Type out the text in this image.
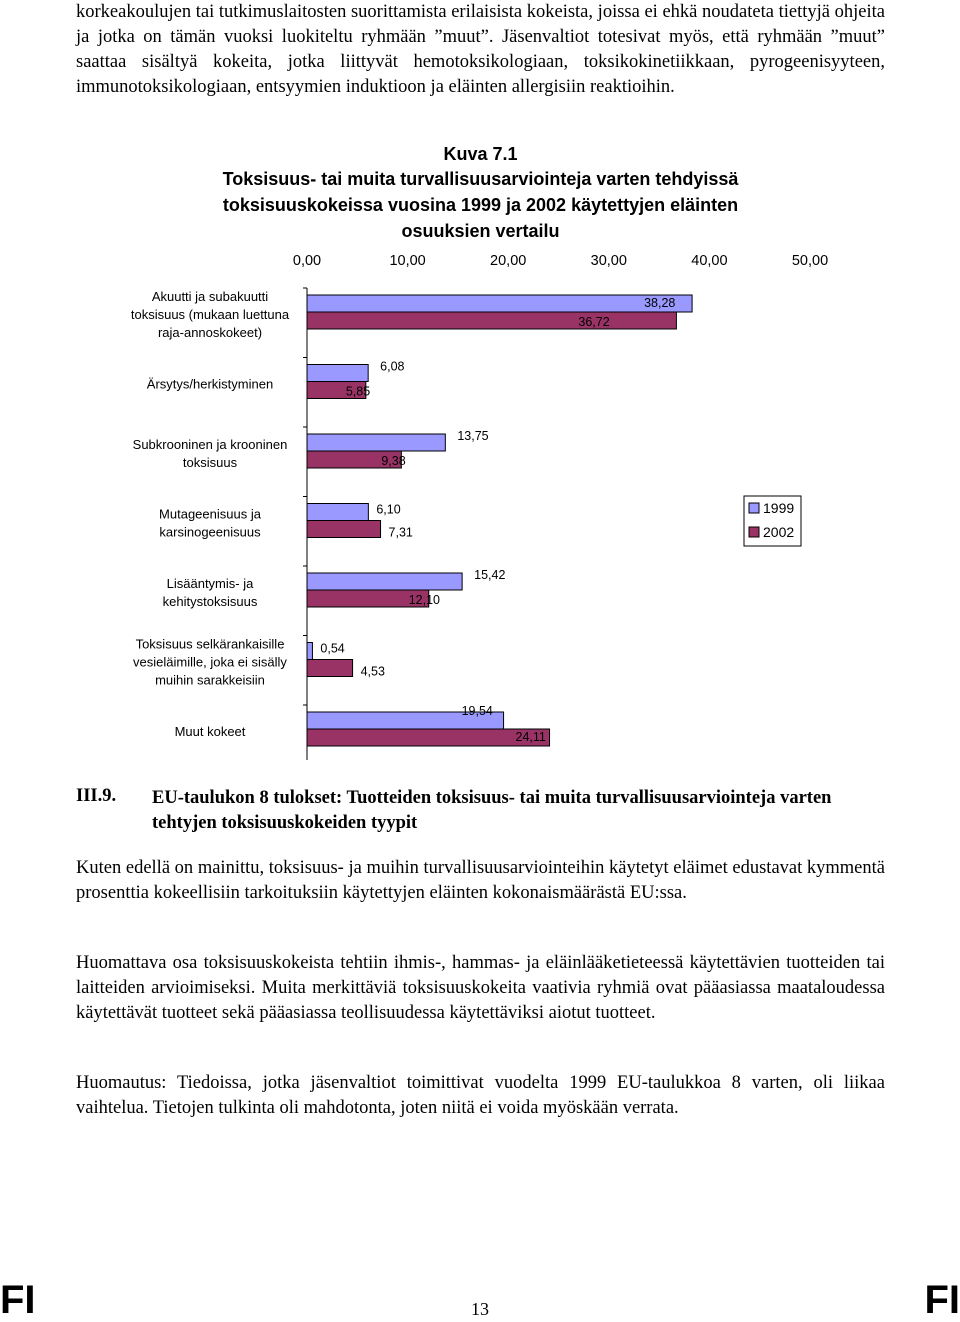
korkeakoulujen tai tutkimuslaitosten suorittamista erilaisista kokeista, joissa ei ehkä noudateta tiettyjä ohjeita ja jotka on tämän vuoksi luokiteltu ryhmään ”muut”. Jäsenvaltiot totesivat myös, että ryhmään ”muut” saattaa sisältyä kokeita, jotka liittyvät hemotoksikologiaan, toksikokinetiikkaan, pyrogeenisyyteen, immunotoksikologiaan, entsyymien induktioon ja eläinten allergisiin reaktioihin.
Kuva 7.1
Toksisuus- tai muita turvallisuusarviointeja varten tehdyissä
toksisuuskokeissa vuosina 1999 ja 2002 käytettyjen eläinten
osuuksien vertailu
0,00	10,00	20,00	30,00	40,00	50,00
Akuutti ja subakuutti
toksisuus (mukaan luettuna
raja-annoskokeet)
38,28
36,72
Ärsytys/herkistyminen
6,08
5,85
Subkrooninen ja krooninen
toksisuus
13,75
9,38
Mutageenisuus ja
karsinogeenisuus
6,10
7,31
Lisääntymis- ja
kehitystoksisuus
15,42
12,10
Toksisuus selkärankaisille
vesieläimille, joka ei sisälly
muihin sarakkeisiin
0,54
4,53
Muut kokeet
19,54
24,11
1999
2002
III.9. EU-taulukon 8 tulokset: Tuotteiden toksisuus- tai muita turvallisuusarviointeja varten tehtyjen toksisuuskokeiden tyypit
Kuten edellä on mainittu, toksisuus- ja muihin turvallisuusarviointeihin käytetyt eläimet edustavat kymmentä prosenttia kokeellisiin tarkoituksiin käytettyjen eläinten kokonaismäärästä EU:ssa.
Huomattava osa toksisuuskokeista tehtiin ihmis-, hammas- ja eläinlääketieteessä käytettävien tuotteiden tai laitteiden arvioimiseksi. Muita merkittäviä toksisuuskokeita vaativia ryhmiä ovat pääasiassa maataloudessa käytettävät tuotteet sekä pääasiassa teollisuudessa käytettäviksi aiotut tuotteet.
Huomautus: Tiedoissa, jotka jäsenvaltiot toimittivat vuodelta 1999 EU-taulukkoa 8 varten, oli liikaa vaihtelua. Tietojen tulkinta oli mahdotonta, joten niitä ei voida myöskään verrata.
FI	13	FI
